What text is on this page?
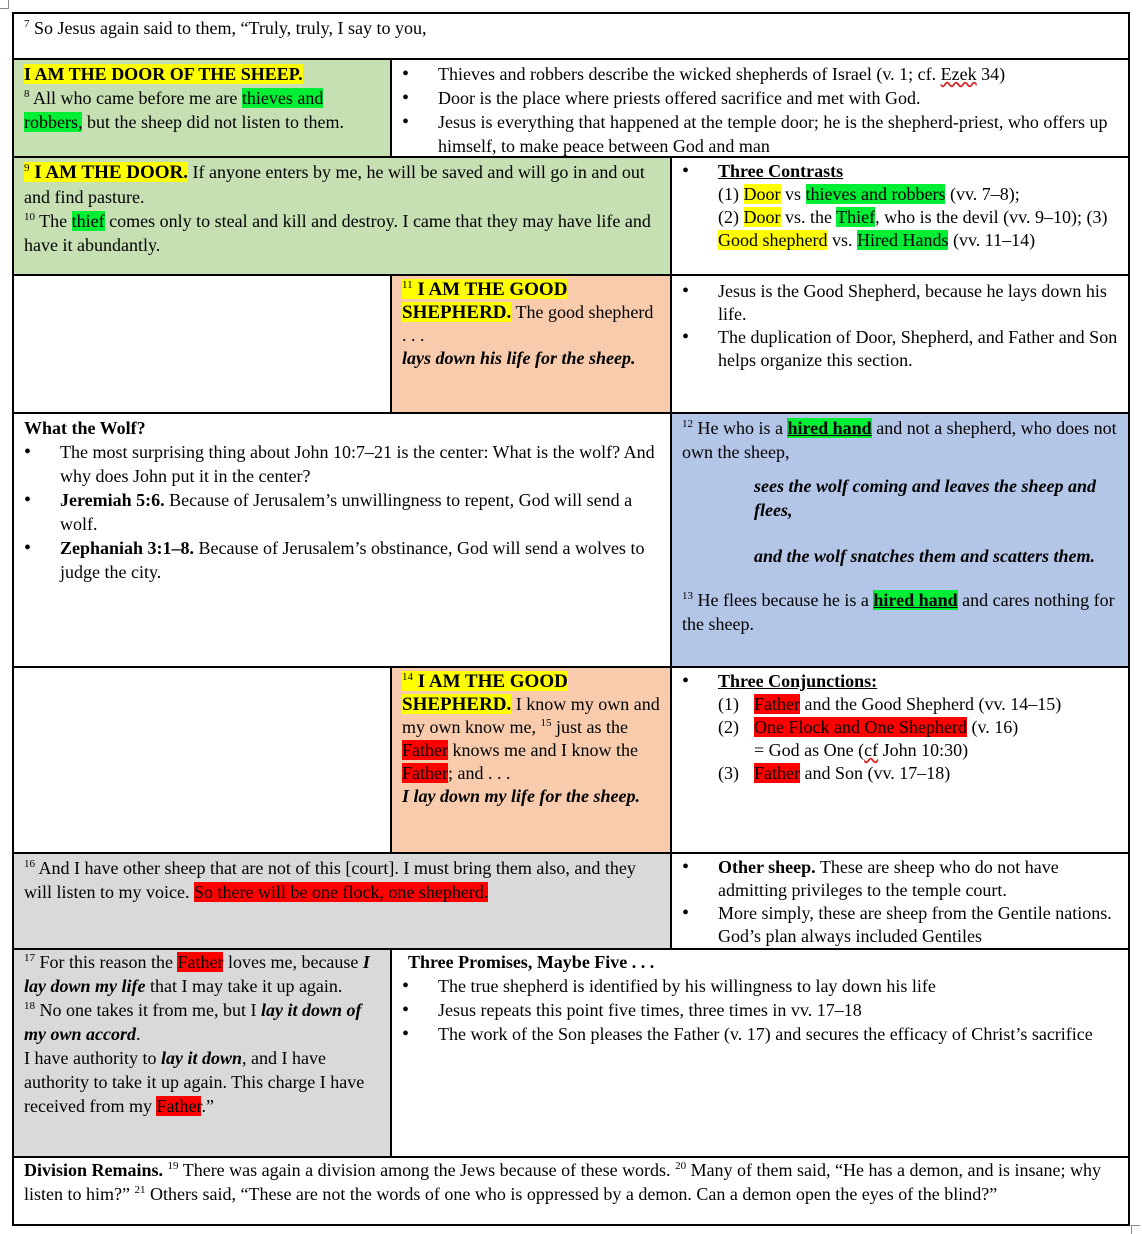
$^7$ So Jesus again said to them, “Truly, truly, I say to you,
I AM THE DOOR OF THE SHEEP.
$^8$ All who came before me are thieves and robbers, but the sheep did not listen to them.
• Thieves and robbers describe the wicked shepherds of Israel (v. 1; cf. Ezek 34)
• Door is the place where priests offered sacrifice and met with God.
• Jesus is everything that happened at the temple door; he is the shepherd-priest, who offers up himself, to make peace between God and man
$^9$ I AM THE DOOR. If anyone enters by me, he will be saved and will go in and out and find pasture.
$^{10}$ The thief comes only to steal and kill and destroy. I came that they may have life and have it abundantly.
• Three Contrasts
(1) Door vs thieves and robbers (vv. 7–8);
(2) Door vs. the Thief, who is the devil (vv. 9–10); (3) Good shepherd vs. Hired Hands (vv. 11–14)
$^{11}$ I AM THE GOOD SHEPHERD. The good shepherd . . .
lays down his life for the sheep.
• Jesus is the Good Shepherd, because he lays down his life.
• The duplication of Door, Shepherd, and Father and Son helps organize this section.
What the Wolf?
• The most surprising thing about John 10:7–21 is the center: What is the wolf? And why does John put it in the center?
• Jeremiah 5:6. Because of Jerusalem’s unwillingness to repent, God will send a wolf.
• Zephaniah 3:1–8. Because of Jerusalem’s obstinance, God will send a wolves to judge the city.
$^{12}$ He who is a hired hand and not a shepherd, who does not own the sheep,
sees the wolf coming and leaves the sheep and flees,
and the wolf snatches them and scatters them.
$^{13}$ He flees because he is a hired hand and cares nothing for the sheep.
$^{14}$ I AM THE GOOD SHEPHERD. I know my own and my own know me, $^{15}$ just as the Father knows me and I know the Father; and . . .
I lay down my life for the sheep.
• Three Conjunctions:
(1) Father and the Good Shepherd (vv. 14–15)
(2) One Flock and One Shepherd (v. 16)
= God as One (cf John 10:30)
(3) Father and Son (vv. 17–18)
$^{16}$ And I have other sheep that are not of this [court]. I must bring them also, and they will listen to my voice. So there will be one flock, one shepherd.
• Other sheep. These are sheep who do not have admitting privileges to the temple court.
• More simply, these are sheep from the Gentile nations. God’s plan always included Gentiles
$^{17}$ For this reason the Father loves me, because I lay down my life that I may take it up again.
$^{18}$ No one takes it from me, but I lay it down of my own accord.
I have authority to lay it down, and I have authority to take it up again. This charge I have received from my Father.”
Three Promises, Maybe Five . . .
• The true shepherd is identified by his willingness to lay down his life
• Jesus repeats this point five times, three times in vv. 17–18
• The work of the Son pleases the Father (v. 17) and secures the efficacy of Christ’s sacrifice
Division Remains. $^{19}$ There was again a division among the Jews because of these words. $^{20}$ Many of them said, “He has a demon, and is insane; why listen to him?” $^{21}$ Others said, “These are not the words of one who is oppressed by a demon. Can a demon open the eyes of the blind?”
